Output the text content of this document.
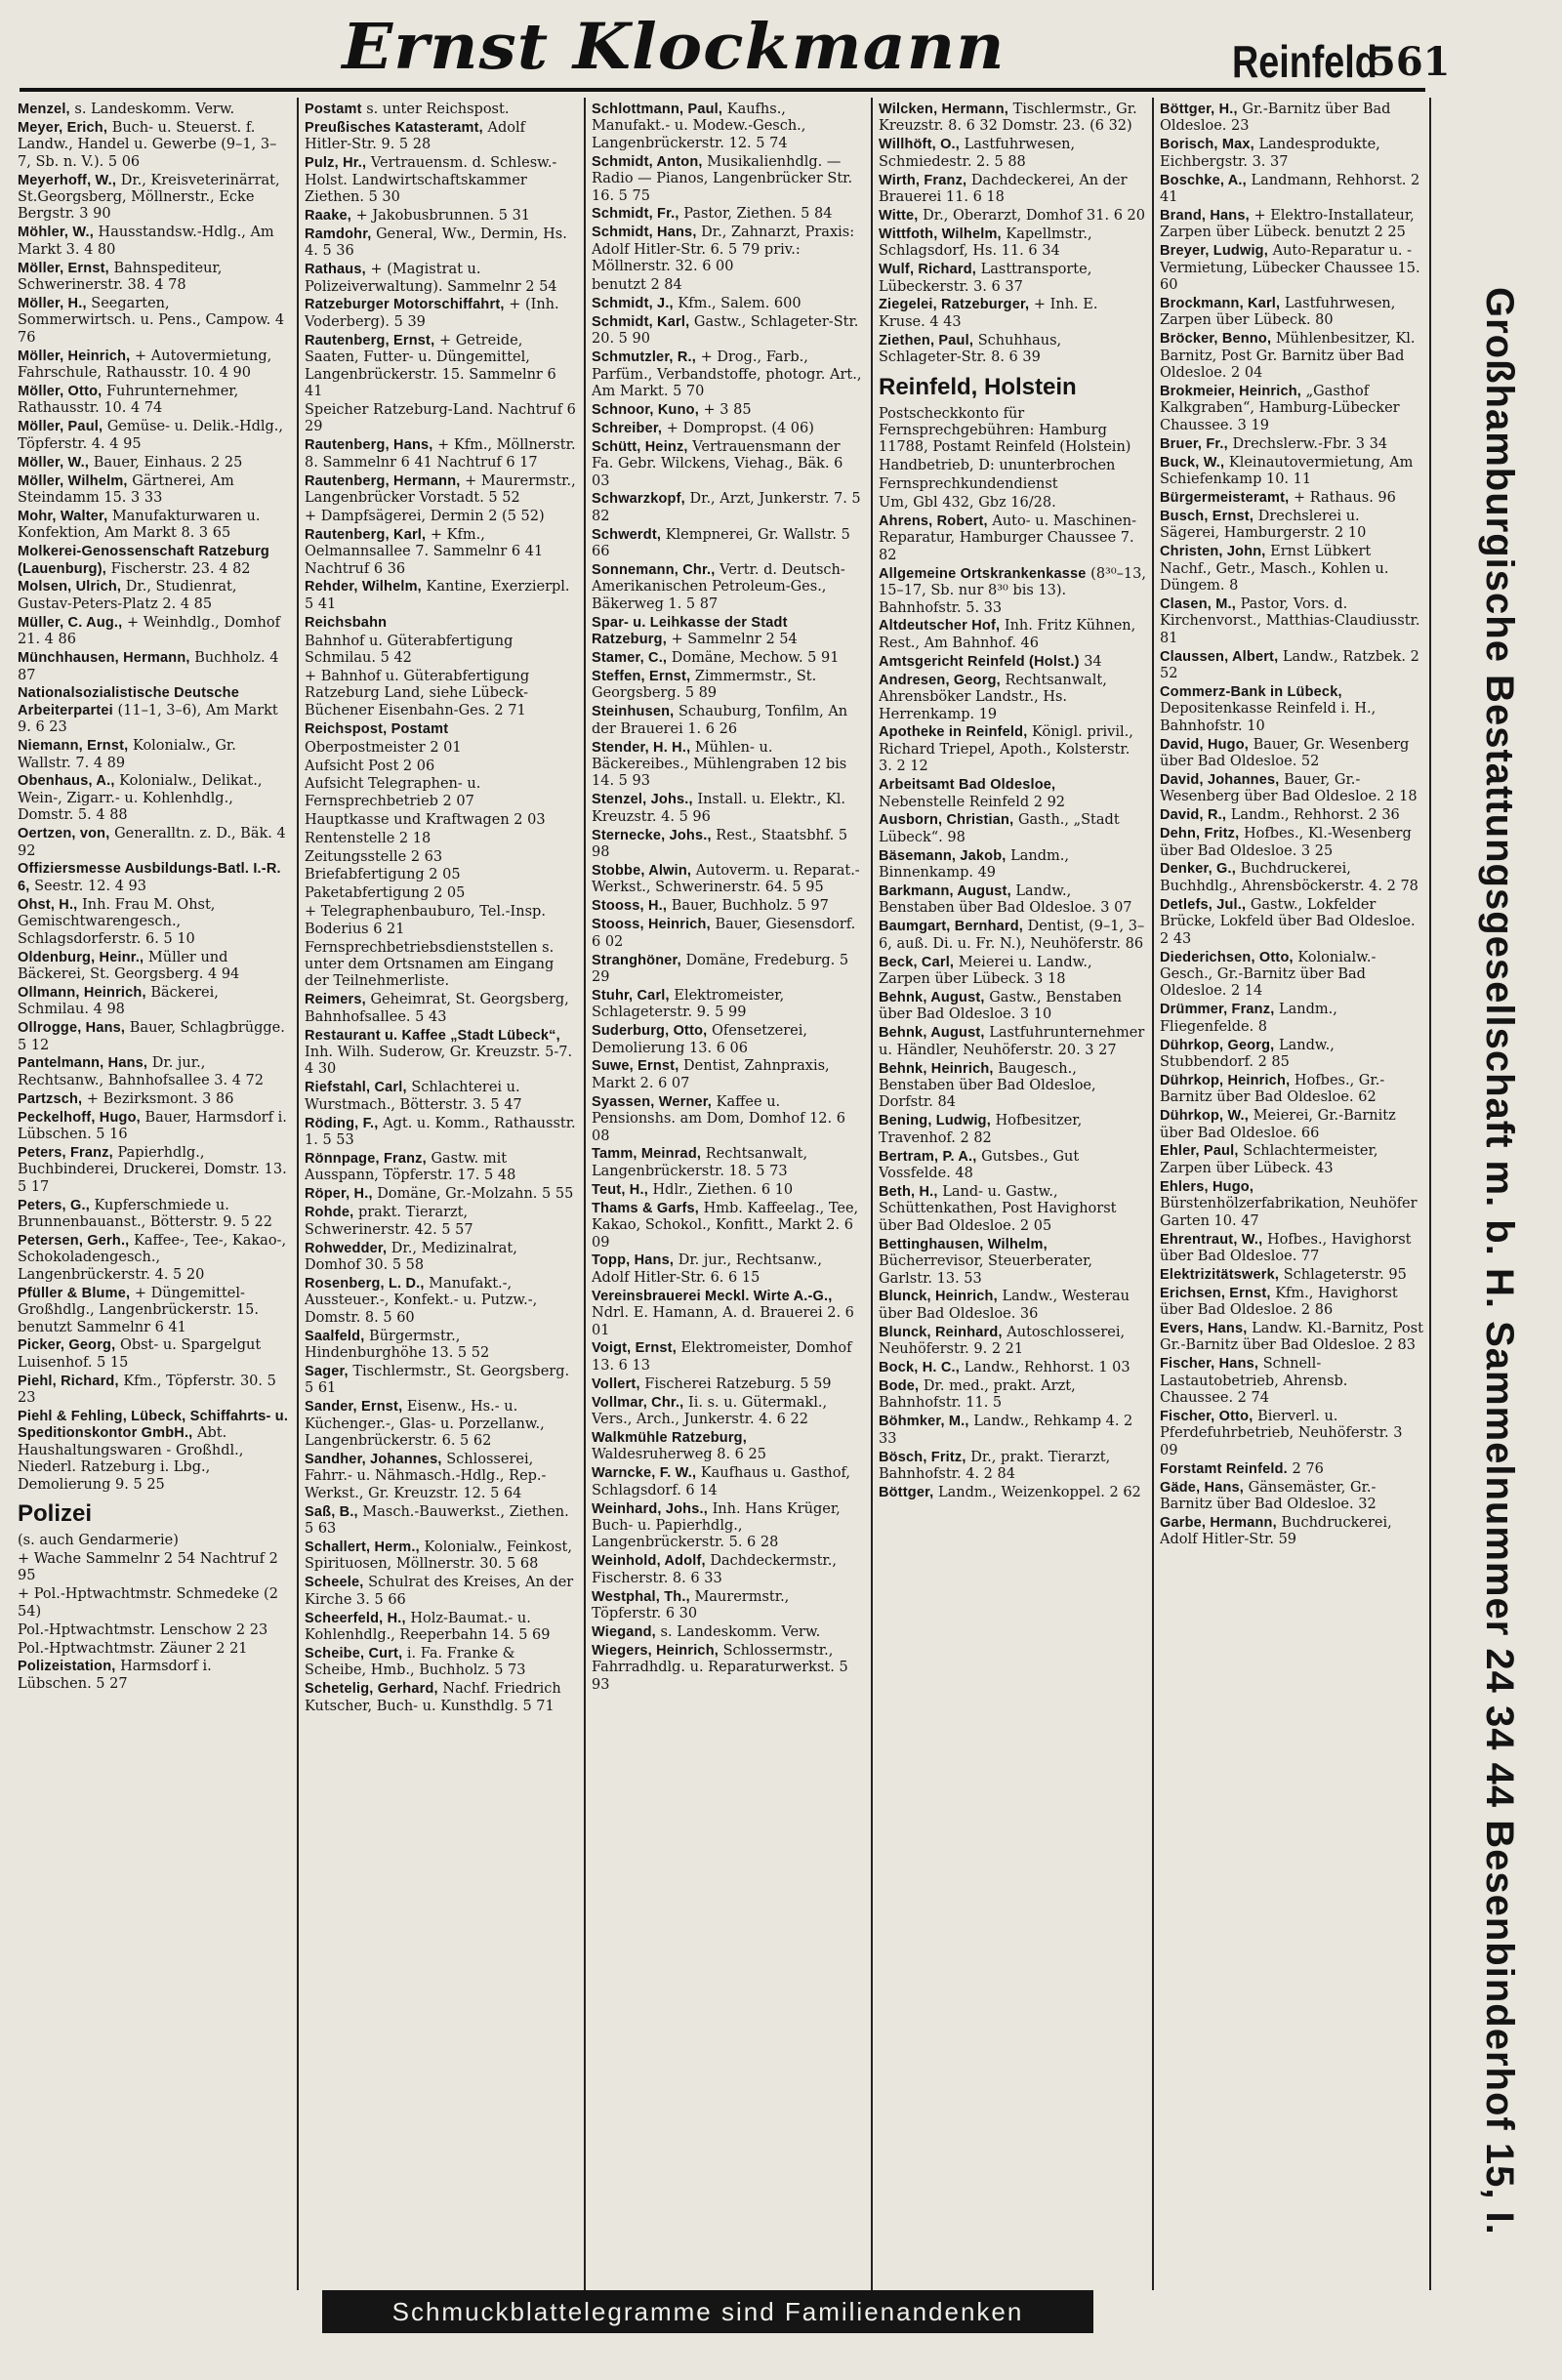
Ernst Klockmann	Reinfeld
561
Menzel, s. Landeskomm. Verw.
Meyer, Erich, Buch- u. Steuerst. f. Landw., Handel u. Gewerbe (9–1, 3–7, Sb. n. V.). 5 06
Meyerhoff, W., Dr., Kreisveterinärrat, St.Georgsberg, Möllnerstr., Ecke Bergstr. 3 90
Möhler, W., Hausstandsw.-Hdlg., Am Markt 3. 4 80
Möller, Ernst, Bahnspediteur, Schwerinerstr. 38. 4 78
Möller, H., Seegarten, Sommerwirtsch. u. Pens., Campow. 4 76
Möller, Heinrich, + Autovermietung, Fahrschule, Rathausstr. 10. 4 90
Möller, Otto, Fuhrunternehmer, Rathausstr. 10. 4 74
Möller, Paul, Gemüse- u. Delik.-Hdlg., Töpferstr. 4. 4 95
Möller, W., Bauer, Einhaus. 2 25
Möller, Wilhelm, Gärtnerei, Am Steindamm 15. 3 33
Mohr, Walter, Manufakturwaren u. Konfektion, Am Markt 8. 3 65
Molkerei-Genossenschaft Ratzeburg (Lauenburg), Fischerstr. 23. 4 82
Molsen, Ulrich, Dr., Studienrat, Gustav-Peters-Platz 2. 4 85
Müller, C. Aug., + Weinhdlg., Domhof 21. 4 86
Münchhausen, Hermann, Buchholz. 4 87
Nationalsozialistische Deutsche Arbeiterpartei (11–1, 3–6), Am Markt 9. 6 23
Niemann, Ernst, Kolonialw., Gr. Wallstr. 7. 4 89
Obenhaus, A., Kolonialw., Delikat., Wein-, Zigarr.- u. Kohlenhdlg., Domstr. 5. 4 88
Oertzen, von, Generalltn. z. D., Bäk. 4 92
Offiziersmesse Ausbildungs-Batl. I.-R. 6, Seestr. 12. 4 93
Ohst, H., Inh. Frau M. Ohst, Gemischtwarengesch., Schlagsdorferstr. 6. 5 10
Oldenburg, Heinr., Müller und Bäckerei, St. Georgsberg. 4 94
Ollmann, Heinrich, Bäckerei, Schmilau. 4 98
Ollrogge, Hans, Bauer, Schlagbrügge. 5 12
Pantelmann, Hans, Dr. jur., Rechtsanw., Bahnhofsallee 3. 4 72
Partzsch, + Bezirksmont. 3 86
Peckelhoff, Hugo, Bauer, Harmsdorf i. Lübschen. 5 16
Peters, Franz, Papierhdlg., Buchbinderei, Druckerei, Domstr. 13. 5 17
Peters, G., Kupferschmiede u. Brunnenbauanst., Bötterstr. 9. 5 22
Petersen, Gerh., Kaffee-, Tee-, Kakao-, Schokoladengesch., Langenbrückerstr. 4. 5 20
Pfüller & Blume, + Düngemittel-Großhdlg., Langenbrückerstr. 15. benutzt Sammelnr 6 41
Picker, Georg, Obst- u. Spargelgut Luisenhof. 5 15
Piehl, Richard, Kfm., Töpferstr. 30. 5 23
Piehl & Fehling, Lübeck, Schiffahrts- u. Speditionskontor GmbH., Abt. Haushaltungswaren - Großhdl., Niederl. Ratzeburg i. Lbg., Demolierung 9. 5 25
Polizei
(s. auch Gendarmerie)
+ Wache Sammelnr 2 54 Nachtruf 2 95
+ Pol.-Hptwachtmstr. Schmedeke (2 54)
Pol.-Hptwachtmstr. Lenschow 2 23
Pol.-Hptwachtmstr. Zäuner 2 21
Polizeistation, Harmsdorf i. Lübschen. 5 27
Postamt s. unter Reichspost.
Preußisches Katasteramt, Adolf Hitler-Str. 9. 5 28
Pulz, Hr., Vertrauensm. d. Schlesw.-Holst. Landwirtschaftskammer Ziethen. 5 30
Raake, + Jakobusbrunnen. 5 31
Ramdohr, General, Ww., Dermin, Hs. 4. 5 36
Rathaus, + (Magistrat u. Polizeiverwaltung). Sammelnr 2 54
Ratzeburger Motorschiffahrt, + (Inh. Voderberg). 5 39
Rautenberg, Ernst, + Getreide, Saaten, Futter- u. Düngemittel, Langenbrückerstr. 15. Sammelnr 6 41
Speicher Ratzeburg-Land. Nachtruf 6 29
Rautenberg, Hans, + Kfm., Möllnerstr. 8. Sammelnr 6 41 Nachtruf 6 17
Rautenberg, Hermann, + Maurermstr., Langenbrücker Vorstadt. 5 52
+ Dampfsägerei, Dermin 2 (5 52)
Rautenberg, Karl, + Kfm., Oelmannsallee 7. Sammelnr 6 41 Nachtruf 6 36
Rehder, Wilhelm, Kantine, Exerzierpl. 5 41
Reichsbahn
Bahnhof u. Güterabfertigung Schmilau. 5 42
+ Bahnhof u. Güterabfertigung Ratzeburg Land, siehe Lübeck-Büchener Eisenbahn-Ges. 2 71
Reichspost, Postamt
Oberpostmeister 2 01
Aufsicht Post 2 06
Aufsicht Telegraphen- u. Fernsprechbetrieb 2 07
Hauptkasse und Kraftwagen 2 03
Rentenstelle 2 18
Zeitungsstelle 2 63
Briefabfertigung 2 05
Paketabfertigung 2 05
+ Telegraphenbauburo, Tel.-Insp. Boderius 6 21
Fernsprechbetriebsdienststellen s. unter dem Ortsnamen am Eingang der Teilnehmerliste.
Reimers, Geheimrat, St. Georgsberg, Bahnhofsallee. 5 43
Restaurant u. Kaffee „Stadt Lübeck“, Inh. Wilh. Suderow, Gr. Kreuzstr. 5-7. 4 30
Riefstahl, Carl, Schlachterei u. Wurstmach., Bötterstr. 3. 5 47
Röding, F., Agt. u. Komm., Rathausstr. 1. 5 53
Rönnpage, Franz, Gastw. mit Ausspann, Töpferstr. 17. 5 48
Röper, H., Domäne, Gr.-Molzahn. 5 55
Rohde, prakt. Tierarzt, Schwerinerstr. 42. 5 57
Rohwedder, Dr., Medizinalrat, Domhof 30. 5 58
Rosenberg, L. D., Manufakt.-, Aussteuer.-, Konfekt.- u. Putzw.-, Domstr. 8. 5 60
Saalfeld, Bürgermstr., Hindenburghöhe 13. 5 52
Sager, Tischlermstr., St. Georgsberg. 5 61
Sander, Ernst, Eisenw., Hs.- u. Küchenger.-, Glas- u. Porzellanw., Langenbrückerstr. 6. 5 62
Sandher, Johannes, Schlosserei, Fahrr.- u. Nähmasch.-Hdlg., Rep.-Werkst., Gr. Kreuzstr. 12. 5 64
Saß, B., Masch.-Bauwerkst., Ziethen. 5 63
Schallert, Herm., Kolonialw., Feinkost, Spirituosen, Möllnerstr. 30. 5 68
Scheele, Schulrat des Kreises, An der Kirche 3. 5 66
Scheerfeld, H., Holz-Baumat.- u. Kohlenhdlg., Reeperbahn 14. 5 69
Scheibe, Curt, i. Fa. Franke & Scheibe, Hmb., Buchholz. 5 73
Schetelig, Gerhard, Nachf. Friedrich Kutscher, Buch- u. Kunsthdlg. 5 71
Schlottmann, Paul, Kaufhs., Manufakt.- u. Modew.-Gesch., Langenbrückerstr. 12. 5 74
Schmidt, Anton, Musikalienhdlg. — Radio — Pianos, Langenbrücker Str. 16. 5 75
Schmidt, Fr., Pastor, Ziethen. 5 84
Schmidt, Hans, Dr., Zahnarzt, Praxis: Adolf Hitler-Str. 6. 5 79 priv.: Möllnerstr. 32. 6 00
benutzt 2 84
Schmidt, J., Kfm., Salem. 600
Schmidt, Karl, Gastw., Schlageter-Str. 20. 5 90
Schmutzler, R., + Drog., Farb., Parfüm., Verbandstoffe, photogr. Art., Am Markt. 5 70
Schnoor, Kuno, + 3 85
Schreiber, + Dompropst. (4 06)
Schütt, Heinz, Vertrauensmann der Fa. Gebr. Wilckens, Viehag., Bäk. 6 03
Schwarzkopf, Dr., Arzt, Junkerstr. 7. 5 82
Schwerdt, Klempnerei, Gr. Wallstr. 5 66
Sonnemann, Chr., Vertr. d. Deutsch-Amerikanischen Petroleum-Ges., Bäkerweg 1. 5 87
Spar- u. Leihkasse der Stadt Ratzeburg, + Sammelnr 2 54
Stamer, C., Domäne, Mechow. 5 91
Steffen, Ernst, Zimmermstr., St. Georgsberg. 5 89
Steinhusen, Schauburg, Tonfilm, An der Brauerei 1. 6 26
Stender, H. H., Mühlen- u. Bäckereibes., Mühlengraben 12 bis 14. 5 93
Stenzel, Johs., Install. u. Elektr., Kl. Kreuzstr. 4. 5 96
Sternecke, Johs., Rest., Staatsbhf. 5 98
Stobbe, Alwin, Autoverm. u. Reparat.-Werkst., Schwerinerstr. 64. 5 95
Stooss, H., Bauer, Buchholz. 5 97
Stooss, Heinrich, Bauer, Giesensdorf. 6 02
Stranghöner, Domäne, Fredeburg. 5 29
Stuhr, Carl, Elektromeister, Schlageterstr. 9. 5 99
Suderburg, Otto, Ofensetzerei, Demolierung 13. 6 06
Suwe, Ernst, Dentist, Zahnpraxis, Markt 2. 6 07
Syassen, Werner, Kaffee u. Pensionshs. am Dom, Domhof 12. 6 08
Tamm, Meinrad, Rechtsanwalt, Langenbrückerstr. 18. 5 73
Teut, H., Hdlr., Ziethen. 6 10
Thams & Garfs, Hmb. Kaffeelag., Tee, Kakao, Schokol., Konfitt., Markt 2. 6 09
Topp, Hans, Dr. jur., Rechtsanw., Adolf Hitler-Str. 6. 6 15
Vereinsbrauerei Meckl. Wirte A.-G., Ndrl. E. Hamann, A. d. Brauerei 2. 6 01
Voigt, Ernst, Elektromeister, Domhof 13. 6 13
Vollert, Fischerei Ratzeburg. 5 59
Vollmar, Chr., Ii. s. u. Gütermakl., Vers., Arch., Junkerstr. 4. 6 22
Walkmühle Ratzeburg, Waldesruherweg 8. 6 25
Warncke, F. W., Kaufhaus u. Gasthof, Schlagsdorf. 6 14
Weinhard, Johs., Inh. Hans Krüger, Buch- u. Papierhdlg., Langenbrückerstr. 5. 6 28
Weinhold, Adolf, Dachdeckermstr., Fischerstr. 8. 6 33
Westphal, Th., Maurermstr., Töpferstr. 6 30
Wiegand, s. Landeskomm. Verw.
Wiegers, Heinrich, Schlossermstr., Fahrradhdlg. u. Reparaturwerkst. 5 93
Wilcken, Hermann, Tischlermstr., Gr. Kreuzstr. 8. 6 32 Domstr. 23. (6 32)
Willhöft, O., Lastfuhrwesen, Schmiedestr. 2. 5 88
Wirth, Franz, Dachdeckerei, An der Brauerei 11. 6 18
Witte, Dr., Oberarzt, Domhof 31. 6 20
Wittfoth, Wilhelm, Kapellmstr., Schlagsdorf, Hs. 11. 6 34
Wulf, Richard, Lasttransporte, Lübeckerstr. 3. 6 37
Ziegelei, Ratzeburger, + Inh. E. Kruse. 4 43
Ziethen, Paul, Schuhhaus, Schlageter-Str. 8. 6 39
Reinfeld, Holstein
Postscheckkonto für Fernsprechgebühren: Hamburg 11788, Postamt Reinfeld (Holstein)
Handbetrieb, D: ununterbrochen
Fernsprechkundendienst
Um, Gbl 432, Gbz 16/28.
Ahrens, Robert, Auto- u. Maschinen-Reparatur, Hamburger Chaussee 7. 82
Allgemeine Ortskrankenkasse (8³⁰–13, 15–17, Sb. nur 8³⁰ bis 13). Bahnhofstr. 5. 33
Altdeutscher Hof, Inh. Fritz Kühnen, Rest., Am Bahnhof. 46
Amtsgericht Reinfeld (Holst.) 34
Andresen, Georg, Rechtsanwalt, Ahrensböker Landstr., Hs. Herrenkamp. 19
Apotheke in Reinfeld, Königl. privil., Richard Triepel, Apoth., Kolsterstr. 3. 2 12
Arbeitsamt Bad Oldesloe, Nebenstelle Reinfeld 2 92
Ausborn, Christian, Gasth., „Stadt Lübeck“. 98
Bäsemann, Jakob, Landm., Binnenkamp. 49
Barkmann, August, Landw., Benstaben über Bad Oldesloe. 3 07
Baumgart, Bernhard, Dentist, (9–1, 3–6, auß. Di. u. Fr. N.), Neuhöferstr. 86
Beck, Carl, Meierei u. Landw., Zarpen über Lübeck. 3 18
Behnk, August, Gastw., Benstaben über Bad Oldesloe. 3 10
Behnk, August, Lastfuhrunternehmer u. Händler, Neuhöferstr. 20. 3 27
Behnk, Heinrich, Baugesch., Benstaben über Bad Oldesloe, Dorfstr. 84
Bening, Ludwig, Hofbesitzer, Travenhof. 2 82
Bertram, P. A., Gutsbes., Gut Vossfelde. 48
Beth, H., Land- u. Gastw., Schüttenkathen, Post Havighorst über Bad Oldesloe. 2 05
Bettinghausen, Wilhelm, Bücherrevisor, Steuerberater, Garlstr. 13. 53
Blunck, Heinrich, Landw., Westerau über Bad Oldesloe. 36
Blunck, Reinhard, Autoschlosserei, Neuhöferstr. 9. 2 21
Bock, H. C., Landw., Rehhorst. 1 03
Bode, Dr. med., prakt. Arzt, Bahnhofstr. 11. 5
Böhmker, M., Landw., Rehkamp 4. 2 33
Bösch, Fritz, Dr., prakt. Tierarzt, Bahnhofstr. 4. 2 84
Böttger, Landm., Weizenkoppel. 2 62
Böttger, H., Gr.-Barnitz über Bad Oldesloe. 23
Borisch, Max, Landesprodukte, Eichbergstr. 3. 37
Boschke, A., Landmann, Rehhorst. 2 41
Brand, Hans, + Elektro-Installateur, Zarpen über Lübeck. benutzt 2 25
Breyer, Ludwig, Auto-Reparatur u. -Vermietung, Lübecker Chaussee 15. 60
Brockmann, Karl, Lastfuhrwesen, Zarpen über Lübeck. 80
Bröcker, Benno, Mühlenbesitzer, Kl. Barnitz, Post Gr. Barnitz über Bad Oldesloe. 2 04
Brokmeier, Heinrich, „Gasthof Kalkgraben“, Hamburg-Lübecker Chaussee. 3 19
Bruer, Fr., Drechslerw.-Fbr. 3 34
Buck, W., Kleinautovermietung, Am Schiefenkamp 10. 11
Bürgermeisteramt, + Rathaus. 96
Busch, Ernst, Drechslerei u. Sägerei, Hamburgerstr. 2 10
Christen, John, Ernst Lübkert Nachf., Getr., Masch., Kohlen u. Düngem. 8
Clasen, M., Pastor, Vors. d. Kirchenvorst., Matthias-Claudiusstr. 81
Claussen, Albert, Landw., Ratzbek. 2 52
Commerz-Bank in Lübeck, Depositenkasse Reinfeld i. H., Bahnhofstr. 10
David, Hugo, Bauer, Gr. Wesenberg über Bad Oldesloe. 52
David, Johannes, Bauer, Gr.-Wesenberg über Bad Oldesloe. 2 18
David, R., Landm., Rehhorst. 2 36
Dehn, Fritz, Hofbes., Kl.-Wesenberg über Bad Oldesloe. 3 25
Denker, G., Buchdruckerei, Buchhdlg., Ahrensböckerstr. 4. 2 78
Detlefs, Jul., Gastw., Lokfelder Brücke, Lokfeld über Bad Oldesloe. 2 43
Diederichsen, Otto, Kolonialw.-Gesch., Gr.-Barnitz über Bad Oldesloe. 2 14
Drümmer, Franz, Landm., Fliegenfelde. 8
Dührkop, Georg, Landw., Stubbendorf. 2 85
Dührkop, Heinrich, Hofbes., Gr.-Barnitz über Bad Oldesloe. 62
Dührkop, W., Meierei, Gr.-Barnitz über Bad Oldesloe. 66
Ehler, Paul, Schlachtermeister, Zarpen über Lübeck. 43
Ehlers, Hugo, Bürstenhölzerfabrikation, Neuhöfer Garten 10. 47
Ehrentraut, W., Hofbes., Havighorst über Bad Oldesloe. 77
Elektrizitätswerk, Schlageterstr. 95
Erichsen, Ernst, Kfm., Havighorst über Bad Oldesloe. 2 86
Evers, Hans, Landw. Kl.-Barnitz, Post Gr.-Barnitz über Bad Oldesloe. 2 83
Fischer, Hans, Schnell-Lastautobetrieb, Ahrensb. Chaussee. 2 74
Fischer, Otto, Bierverl. u. Pferdefuhrbetrieb, Neuhöferstr. 3 09
Forstamt Reinfeld. 2 76
Gäde, Hans, Gänsemäster, Gr.-Barnitz über Bad Oldesloe. 32
Garbe, Hermann, Buchdruckerei, Adolf Hitler-Str. 59	Großhamburgische Bestattungsgesellschaft m. b. H. Sammelnummer 24 34 44 Besenbinderhof 15, I.
Schmuckblattelegramme sind Familienandenken
